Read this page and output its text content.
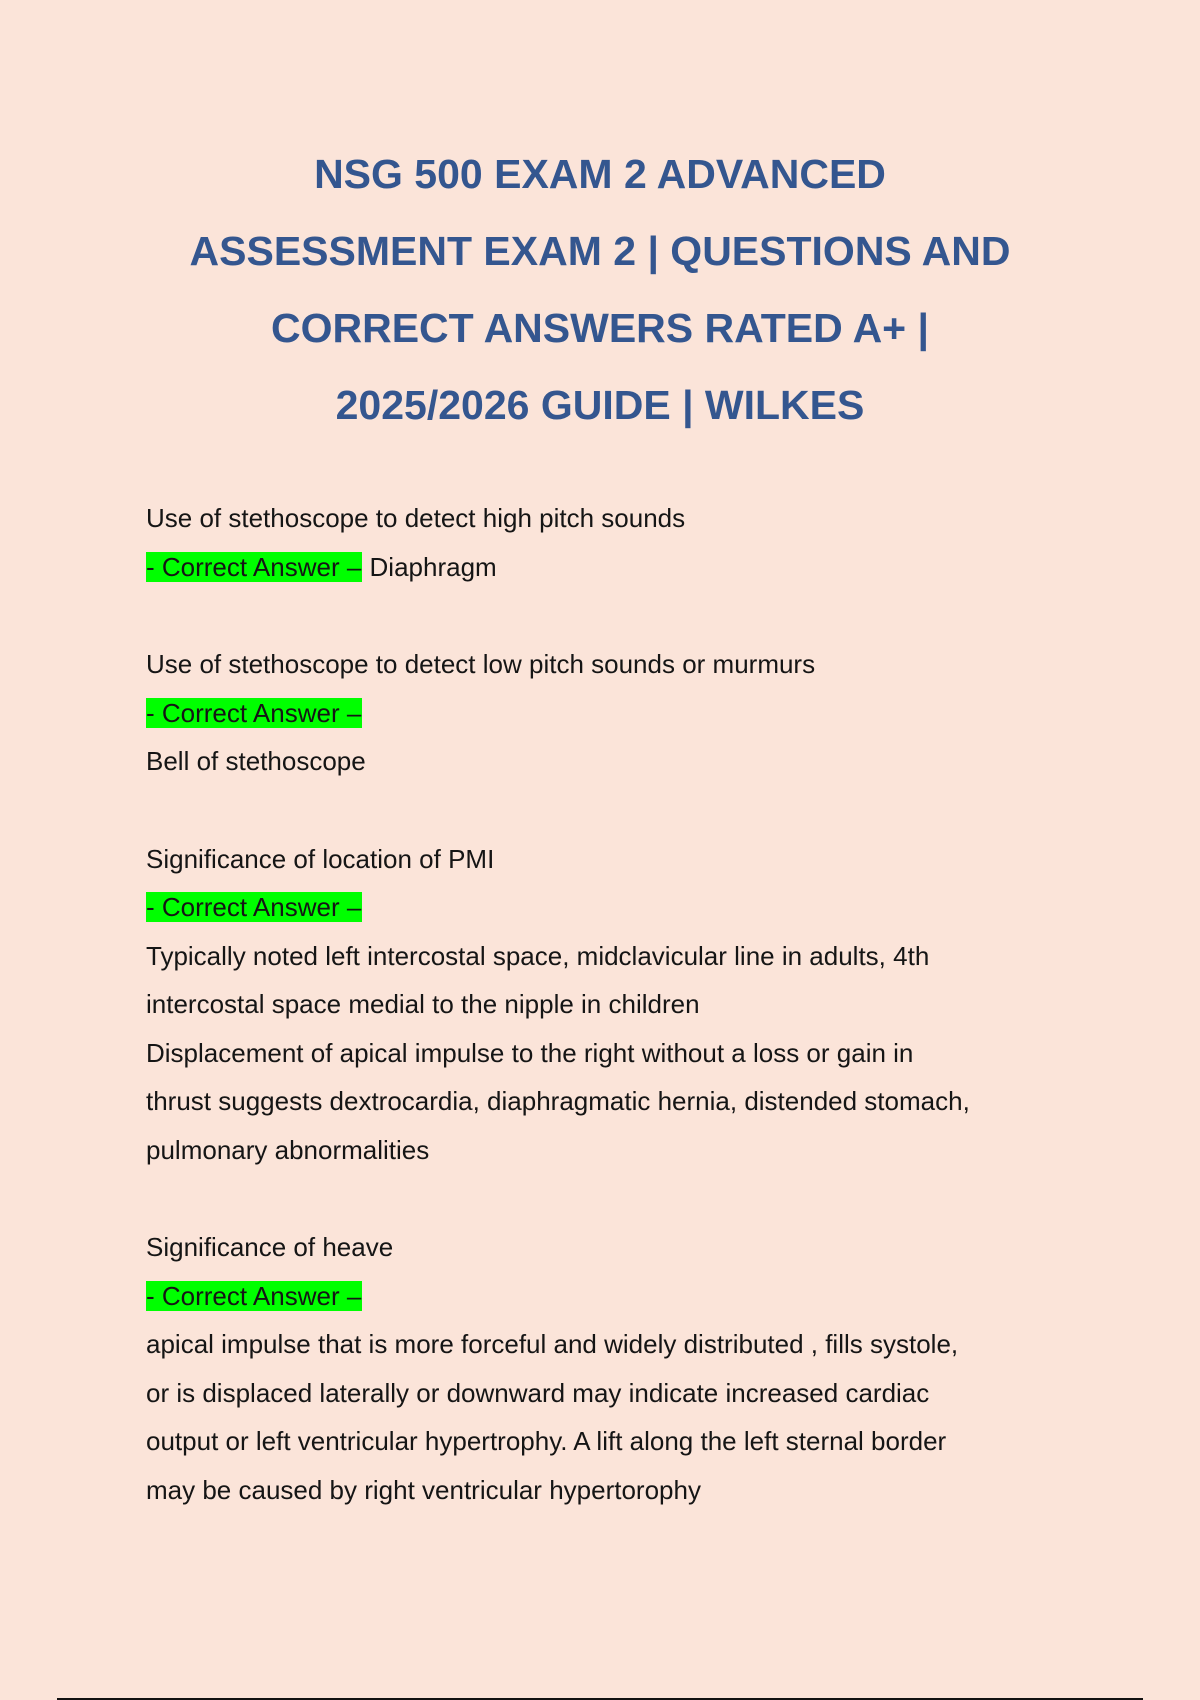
NSG 500 EXAM 2 ADVANCED
ASSESSMENT EXAM 2 | QUESTIONS AND
CORRECT ANSWERS RATED A+ |
2025/2026 GUIDE | WILKES
Use of stethoscope to detect high pitch sounds
- Correct Answer – Diaphragm
Use of stethoscope to detect low pitch sounds or murmurs
- Correct Answer –
Bell of stethoscope
Significance of location of PMI
- Correct Answer –
Typically noted left intercostal space, midclavicular line in adults, 4th
intercostal space medial to the nipple in children
Displacement of apical impulse to the right without a loss or gain in
thrust suggests dextrocardia, diaphragmatic hernia, distended stomach,
pulmonary abnormalities
Significance of heave
- Correct Answer –
apical impulse that is more forceful and widely distributed , fills systole,
or is displaced laterally or downward may indicate increased cardiac
output or left ventricular hypertrophy. A lift along the left sternal border
may be caused by right ventricular hypertorophy
